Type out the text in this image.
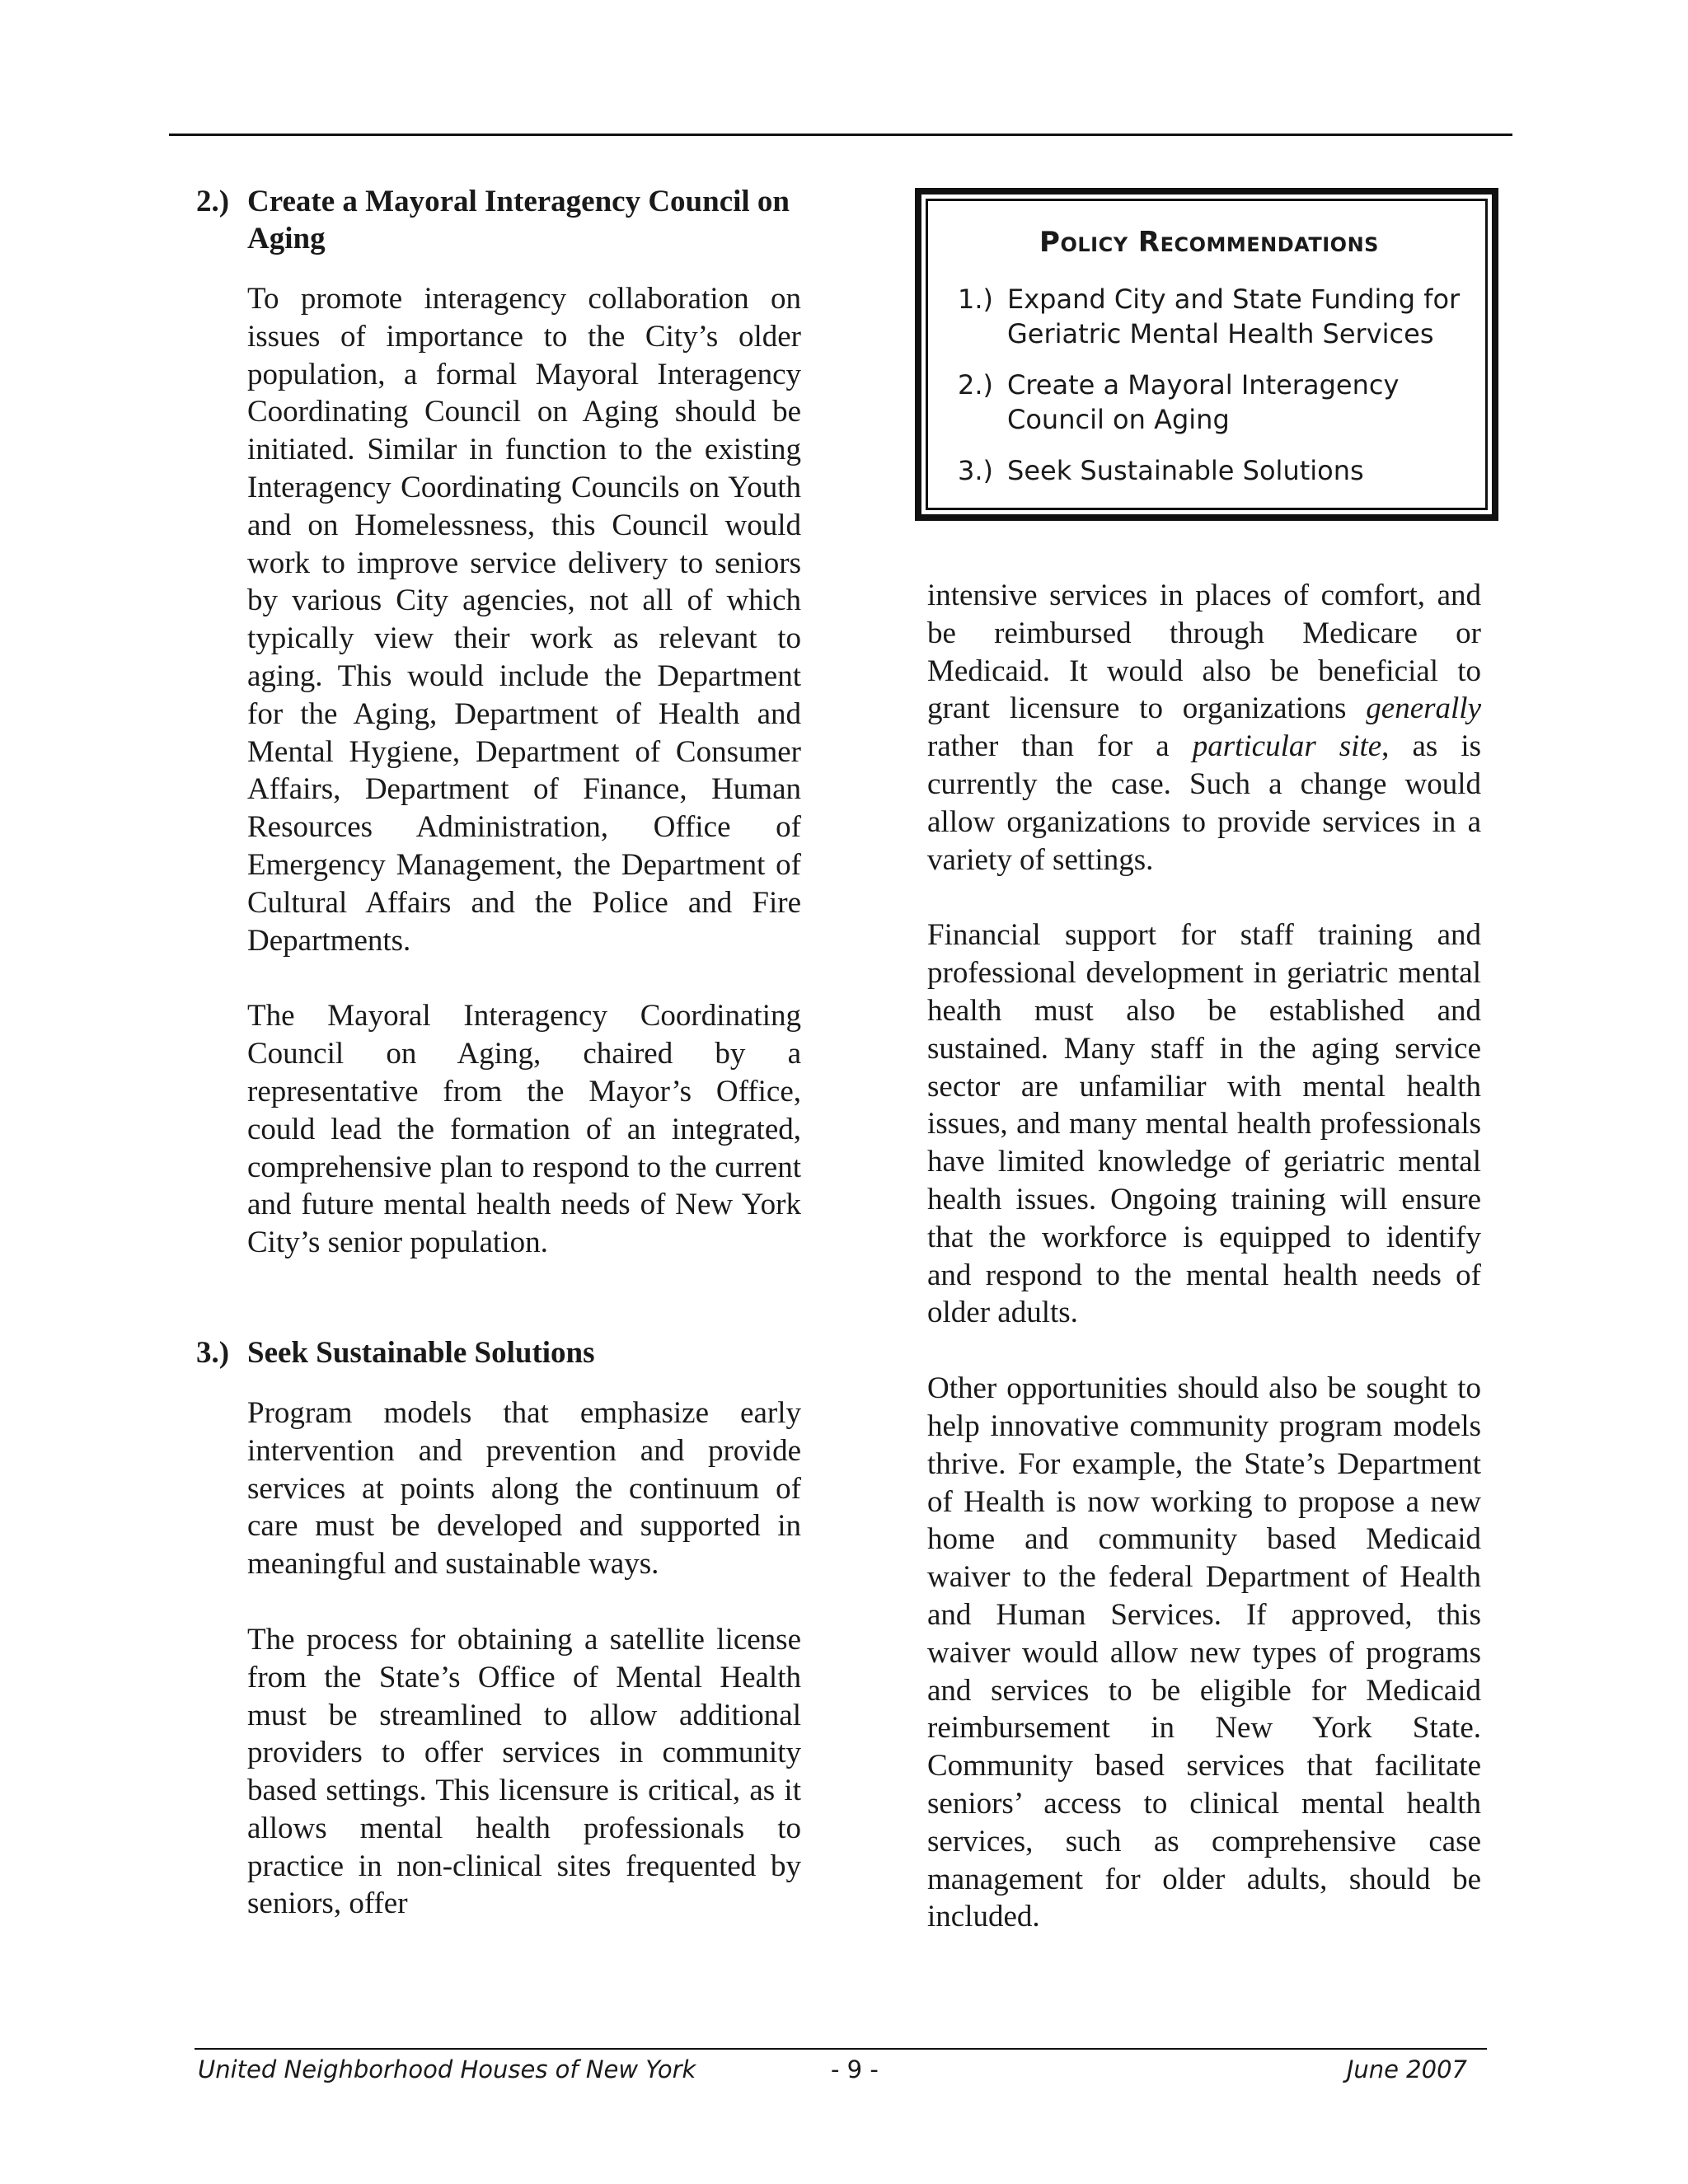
2.) Create a Mayoral Interagency Council on Aging

To promote interagency collaboration on issues of importance to the City’s older population, a formal Mayoral Interagency Coordinating Council on Aging should be initiated. Similar in function to the existing Interagency Coordinating Councils on Youth and on Homelessness, this Council would work to improve service delivery to seniors by various City agencies, not all of which typically view their work as relevant to aging. This would include the Department for the Aging, Department of Health and Mental Hygiene, Department of Consumer Affairs, Department of Finance, Human Resources Administration, Office of Emergency Management, the Department of Cultural Affairs and the Police and Fire Departments.

The Mayoral Interagency Coordinating Council on Aging, chaired by a representative from the Mayor’s Office, could lead the formation of an integrated, comprehensive plan to respond to the current and future mental health needs of New York City’s senior population.

3.) Seek Sustainable Solutions

Program models that emphasize early intervention and prevention and provide services at points along the continuum of care must be developed and supported in meaningful and sustainable ways.

The process for obtaining a satellite license from the State’s Office of Mental Health must be streamlined to allow additional providers to offer services in community based settings. This licensure is critical, as it allows mental health professionals to practice in non-clinical sites frequented by seniors, offer

Policy Recommendations
1.) Expand City and State Funding for Geriatric Mental Health Services
2.) Create a Mayoral Interagency Council on Aging
3.) Seek Sustainable Solutions

intensive services in places of comfort, and be reimbursed through Medicare or Medicaid. It would also be beneficial to grant licensure to organizations generally rather than for a particular site, as is currently the case. Such a change would allow organizations to provide services in a variety of settings.

Financial support for staff training and professional development in geriatric mental health must also be established and sustained. Many staff in the aging service sector are unfamiliar with mental health issues, and many mental health professionals have limited knowledge of geriatric mental health issues. Ongoing training will ensure that the workforce is equipped to identify and respond to the mental health needs of older adults.

Other opportunities should also be sought to help innovative community program models thrive. For example, the State’s Department of Health is now working to propose a new home and community based Medicaid waiver to the federal Department of Health and Human Services. If approved, this waiver would allow new types of programs and services to be eligible for Medicaid reimbursement in New York State. Community based services that facilitate seniors’ access to clinical mental health services, such as comprehensive case management for older adults, should be included.

United Neighborhood Houses of New York	- 9 -	June 2007
